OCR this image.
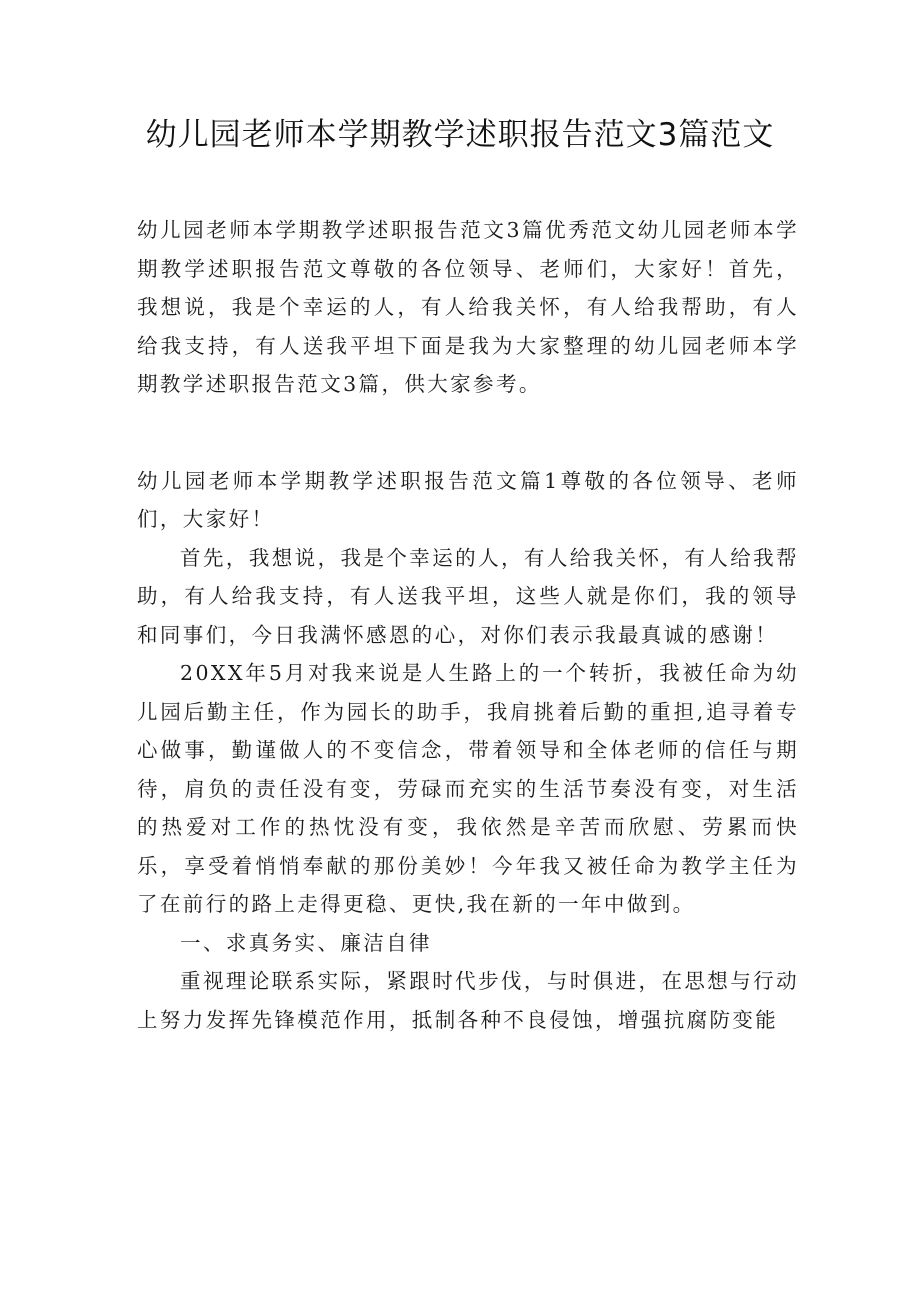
幼儿园老师本学期教学述职报告范文3篇范文

幼儿园老师本学期教学述职报告范文3篇优秀范文幼儿园老师本学期教学述职报告范文尊敬的各位领导、老师们，大家好！首先，我想说，我是个幸运的人，有人给我关怀，有人给我帮助，有人给我支持，有人送我平坦下面是我为大家整理的幼儿园老师本学期教学述职报告范文3篇，供大家参考。

幼儿园老师本学期教学述职报告范文篇1尊敬的各位领导、老师们，大家好！

首先，我想说，我是个幸运的人，有人给我关怀，有人给我帮助，有人给我支持，有人送我平坦，这些人就是你们，我的领导和同事们，今日我满怀感恩的心，对你们表示我最真诚的感谢！

20XX年5月对我来说是人生路上的一个转折，我被任命为幼儿园后勤主任，作为园长的助手，我肩挑着后勤的重担,追寻着专心做事，勤谨做人的不变信念，带着领导和全体老师的信任与期待，肩负的责任没有变，劳碌而充实的生活节奏没有变，对生活的热爱对工作的热忱没有变，我依然是辛苦而欣慰、劳累而快乐，享受着悄悄奉献的那份美妙！今年我又被任命为教学主任为了在前行的路上走得更稳、更快,我在新的一年中做到。

一、求真务实、廉洁自律

重视理论联系实际，紧跟时代步伐，与时俱进，在思想与行动上努力发挥先锋模范作用，抵制各种不良侵蚀，增强抗腐防变能
